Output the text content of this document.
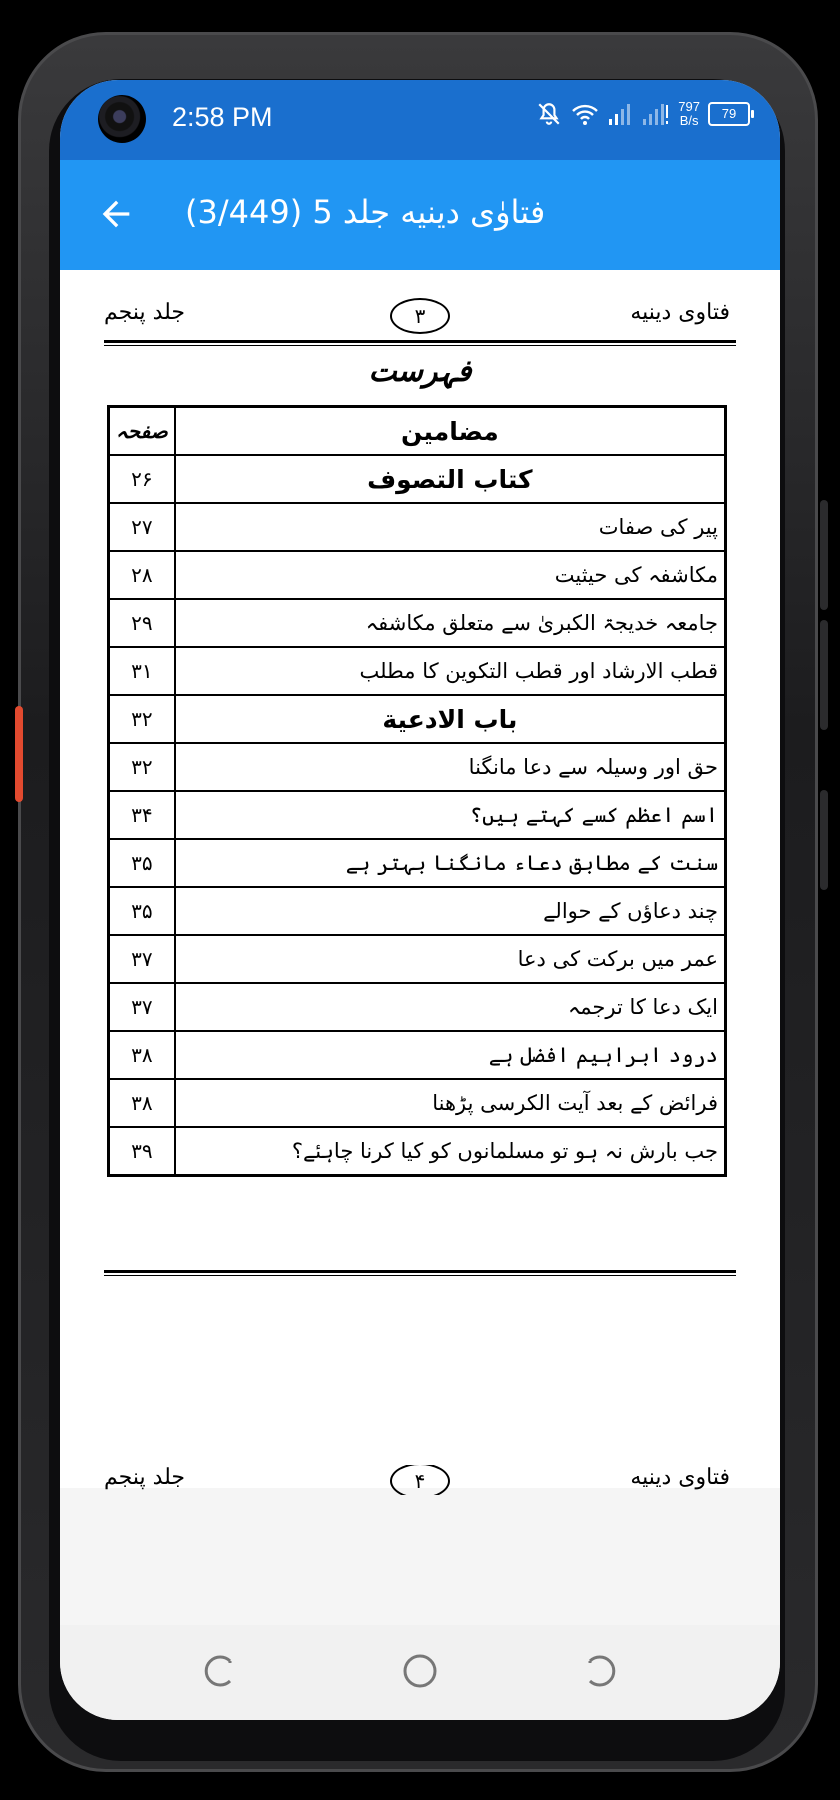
2:58 PM	797
B/s	79
فتاوٰی دینیه جلد 5 (3/449)
جلد پنجم	۳	فتاوی دینیه
فہرست
صفحہ	مضامین
۲۶	كتاب التصوف
۲۷	پیر کی صفات
۲۸	مکاشفہ کی حیثیت
۲۹	جامعہ خدیجۃ الکبریٰ سے متعلق مکاشفہ
۳۱	قطب الارشاد اور قطب التکوین کا مطلب
۳۲	باب الادعية
۳۲	حق اور وسیلہ سے دعا مانگنا
۳۴	اسم اعظم کسے کہتے ہیں؟
۳۵	سنت کے مطابق دعاء مانگنا بہتر ہے
۳۵	چند دعاؤں کے حوالے
۳۷	عمر میں برکت کی دعا
۳۷	ایک دعا کا ترجمہ
۳۸	درود ابراہیم افضل ہے
۳۸	فرائض کے بعد آیت الکرسی پڑھنا
۳۹	جب بارش نہ ہو تو مسلمانوں کو کیا کرنا چاہئے؟
جلد پنجم	۴	فتاوی دینیه
